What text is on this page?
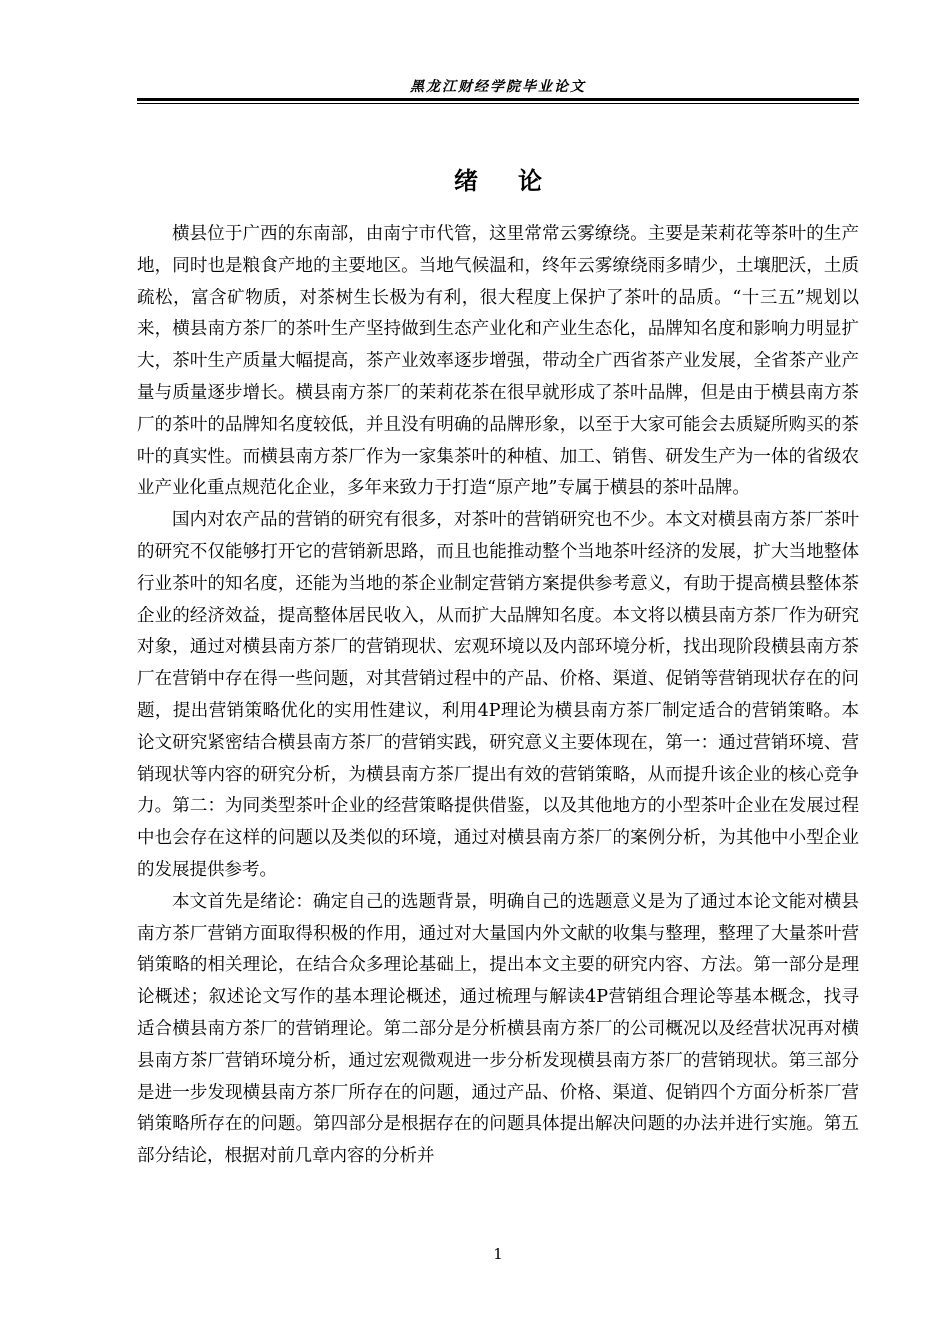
黑龙江财经学院毕业论文
绪论

横县位于广西的东南部，由南宁市代管，这里常常云雾缭绕。主要是茉莉花等茶叶的生产地，同时也是粮食产地的主要地区。当地气候温和，终年云雾缭绕雨多晴少，土壤肥沃，土质疏松，富含矿物质，对茶树生长极为有利，很大程度上保护了茶叶的品质。“十三五”规划以来，横县南方茶厂的茶叶生产坚持做到生态产业化和产业生态化，品牌知名度和影响力明显扩大，茶叶生产质量大幅提高，茶产业效率逐步增强，带动全广西省茶产业发展，全省茶产业产量与质量逐步增长。横县南方茶厂的茉莉花茶在很早就形成了茶叶品牌，但是由于横县南方茶厂的茶叶的品牌知名度较低，并且没有明确的品牌形象，以至于大家可能会去质疑所购买的茶叶的真实性。而横县南方茶厂作为一家集茶叶的种植、加工、销售、研发生产为一体的省级农业产业化重点规范化企业，多年来致力于打造“原产地”专属于横县的茶叶品牌。

国内对农产品的营销的研究有很多，对茶叶的营销研究也不少。本文对横县南方茶厂茶叶的研究不仅能够打开它的营销新思路，而且也能推动整个当地茶叶经济的发展，扩大当地整体行业茶叶的知名度，还能为当地的茶企业制定营销方案提供参考意义，有助于提高横县整体茶企业的经济效益，提高整体居民收入，从而扩大品牌知名度。本文将以横县南方茶厂作为研究对象，通过对横县南方茶厂的营销现状、宏观环境以及内部环境分析，找出现阶段横县南方茶厂在营销中存在得一些问题，对其营销过程中的产品、价格、渠道、促销等营销现状存在的问题，提出营销策略优化的实用性建议，利用4P理论为横县南方茶厂制定适合的营销策略。本论文研究紧密结合横县南方茶厂的营销实践，研究意义主要体现在，第一：通过营销环境、营销现状等内容的研究分析，为横县南方茶厂提出有效的营销策略，从而提升该企业的核心竞争力。第二：为同类型茶叶企业的经营策略提供借鉴，以及其他地方的小型茶叶企业在发展过程中也会存在这样的问题以及类似的环境，通过对横县南方茶厂的案例分析，为其他中小型企业的发展提供参考。

本文首先是绪论：确定自己的选题背景，明确自己的选题意义是为了通过本论文能对横县南方茶厂营销方面取得积极的作用，通过对大量国内外文献的收集与整理，整理了大量茶叶营销策略的相关理论，在结合众多理论基础上，提出本文主要的研究内容、方法。第一部分是理论概述；叙述论文写作的基本理论概述，通过梳理与解读4P营销组合理论等基本概念，找寻适合横县南方茶厂的营销理论。第二部分是分析横县南方茶厂的公司概况以及经营状况再对横县南方茶厂营销环境分析，通过宏观微观进一步分析发现横县南方茶厂的营销现状。第三部分是进一步发现横县南方茶厂所存在的问题，通过产品、价格、渠道、促销四个方面分析茶厂营销策略所存在的问题。第四部分是根据存在的问题具体提出解决问题的办法并进行实施。第五部分结论，根据对前几章内容的分析并

1
